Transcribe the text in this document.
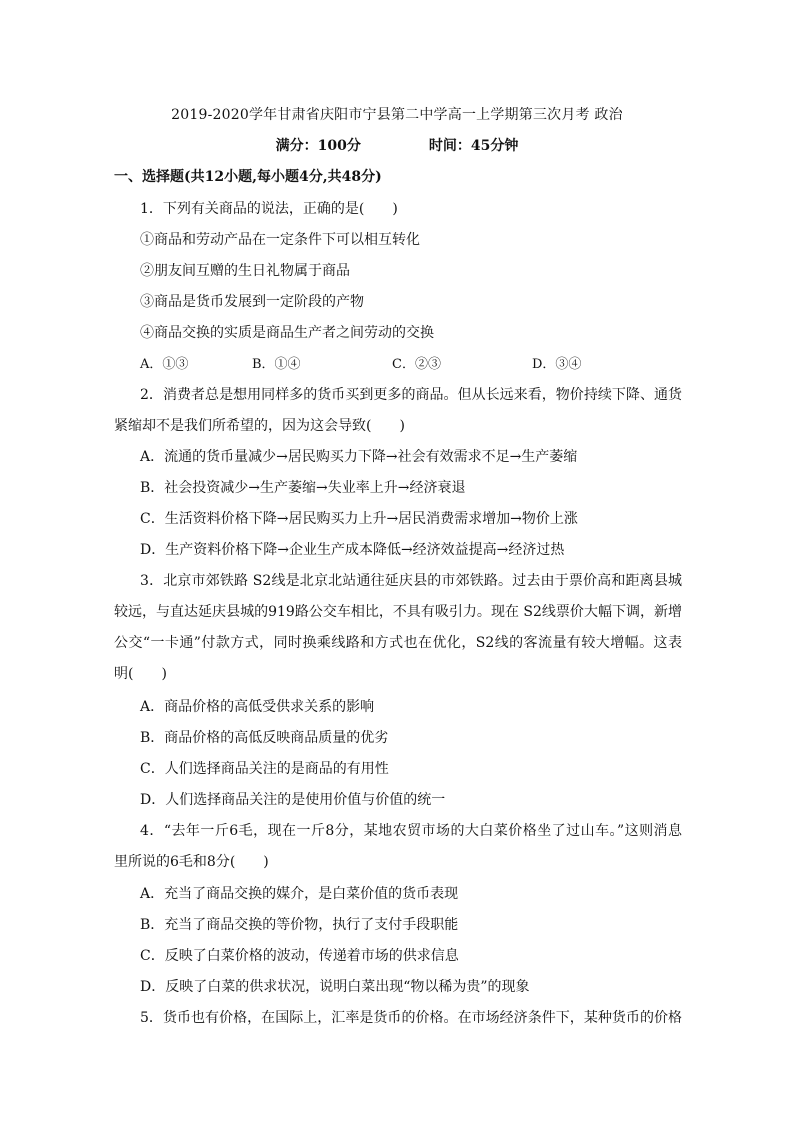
2019-2020学年甘肃省庆阳市宁县第二中学高一上学期第三次月考 政治
满分：100分	时间：45分钟
一、选择题(共12小题,每小题4分,共48分)
1．下列有关商品的说法，正确的是(　　)
①商品和劳动产品在一定条件下可以相互转化
②朋友间互赠的生日礼物属于商品
③商品是货币发展到一定阶段的产物
④商品交换的实质是商品生产者之间劳动的交换
A．①③	B．①④	C．②③	D．③④
2．消费者总是想用同样多的货币买到更多的商品。但从长远来看，物价持续下降、通货
紧缩却不是我们所希望的，因为这会导致(　　)
A．流通的货币量减少→居民购买力下降→社会有效需求不足→生产萎缩
B．社会投资减少→生产萎缩→失业率上升→经济衰退
C．生活资料价格下降→居民购买力上升→居民消费需求增加→物价上涨
D．生产资料价格下降→企业生产成本降低→经济效益提高→经济过热
3．北京市郊铁路 S2线是北京北站通往延庆县的市郊铁路。过去由于票价高和距离县城
较远，与直达延庆县城的919路公交车相比，不具有吸引力。现在 S2线票价大幅下调，新增
公交“一卡通”付款方式，同时换乘线路和方式也在优化，S2线的客流量有较大增幅。这表
明(　　)
A．商品价格的高低受供求关系的影响
B．商品价格的高低反映商品质量的优劣
C．人们选择商品关注的是商品的有用性
D．人们选择商品关注的是使用价值与价值的统一
4．“去年一斤6毛，现在一斤8分，某地农贸市场的大白菜价格坐了过山车。”这则消息
里所说的6毛和8分(　　)
A．充当了商品交换的媒介，是白菜价值的货币表现
B．充当了商品交换的等价物，执行了支付手段职能
C．反映了白菜价格的波动，传递着市场的供求信息
D．反映了白菜的供求状况，说明白菜出现“物以稀为贵”的现象
5．货币也有价格，在国际上，汇率是货币的价格。在市场经济条件下，某种货币的价格
